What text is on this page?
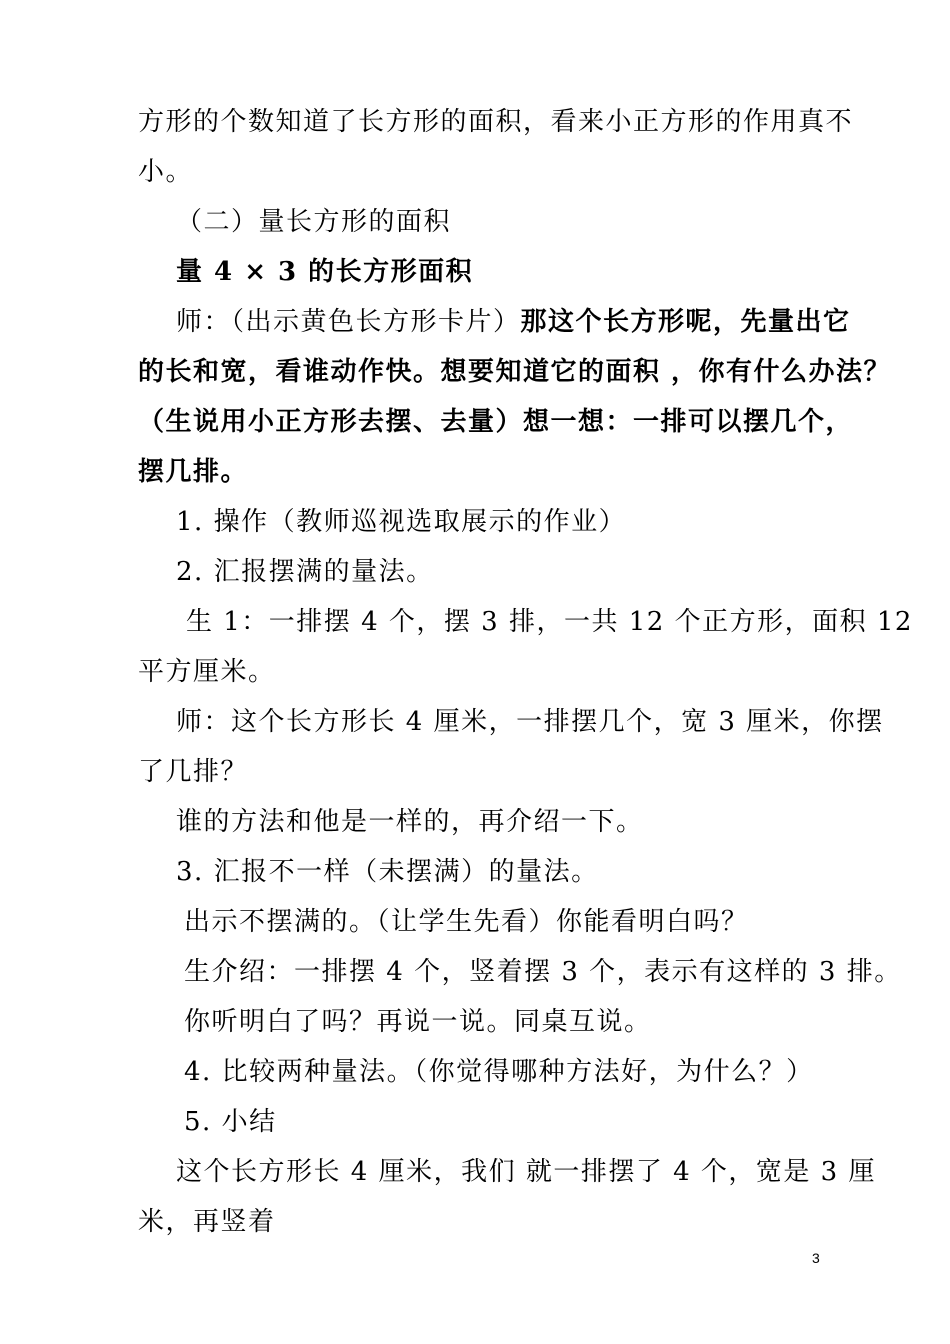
方形的个数知道了长方形的面积，看来小正方形的作用真不
小。
（二）量长方形的面积
量 4 × 3 的长方形面积
师：（出示黄色长方形卡片）那这个长方形呢，先量出它
的长和宽，看谁动作快。想要知道它的面积 ，你有什么办法？
（生说用小正方形去摆、去量）想一想：一排可以摆几个，
摆几排。
1. 操作（教师巡视选取展示的作业）
2. 汇报摆满的量法。
生 1：一排摆 4 个，摆 3 排，一共 12 个正方形，面积 12
平方厘米。
师：这个长方形长 4 厘米，一排摆几个，宽 3 厘米，你摆
了几排？
谁的方法和他是一样的，再介绍一下。
3. 汇报不一样（未摆满）的量法。
出示不摆满的。（让学生先看）你能看明白吗？
生介绍：一排摆 4 个，竖着摆 3 个，表示有这样的 3 排。
你听明白了吗？再说一说。同桌互说。
4. 比较两种量法。（你觉得哪种方法好，为什么？）
5. 小结
这个长方形长 4 厘米，我们 就一排摆了 4 个，宽是 3 厘
米，再竖着
3
